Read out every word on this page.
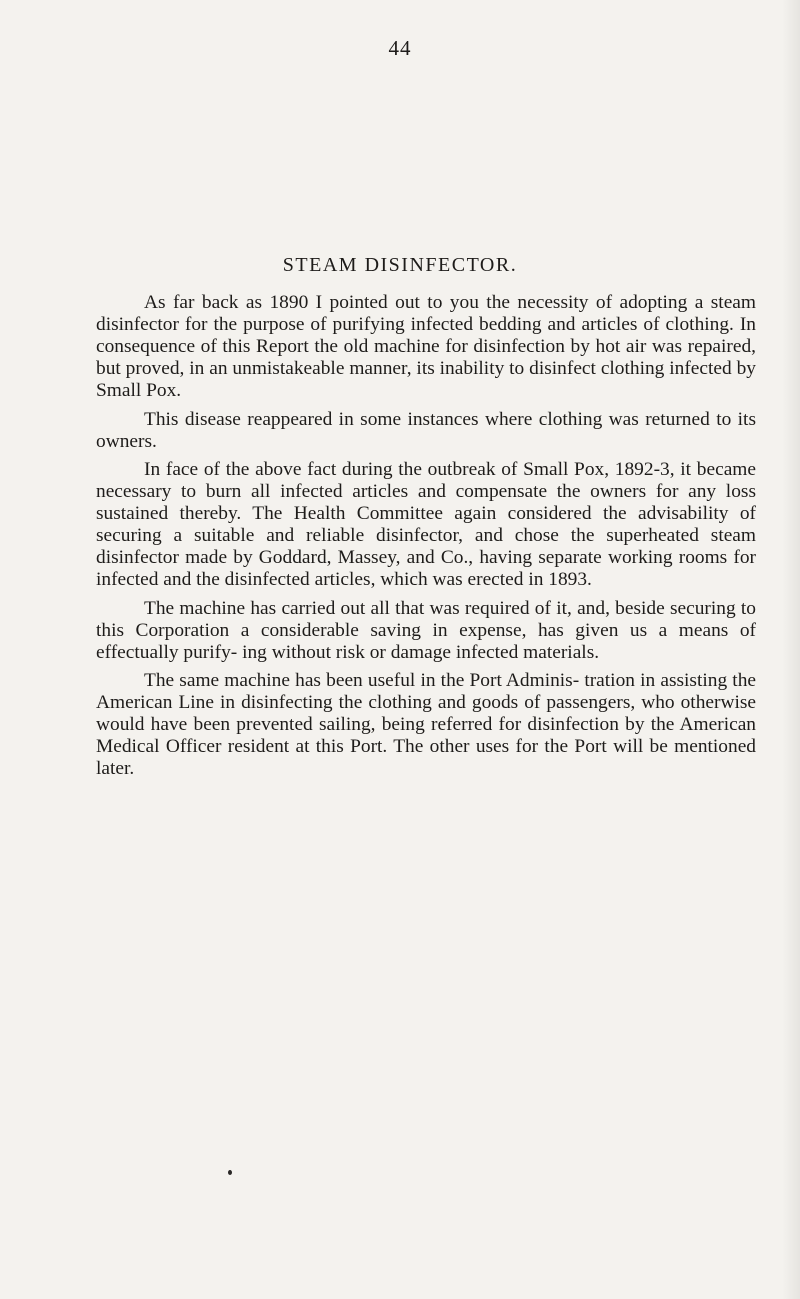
44
STEAM DISINFECTOR.

As far back as 1890 I pointed out to you the necessity of adopting a steam disinfector for the purpose of purifying infected bedding and articles of clothing. In consequence of this Report the old machine for disinfection by hot air was repaired, but proved, in an unmistakeable manner, its inability to disinfect clothing infected by Small Pox.

This disease reappeared in some instances where clothing was returned to its owners.

In face of the above fact during the outbreak of Small Pox, 1892-3, it became necessary to burn all infected articles and compensate the owners for any loss sustained thereby. The Health Committee again considered the advisability of securing a suitable and reliable disinfector, and chose the superheated steam disinfector made by Goddard, Massey, and Co., having separate working rooms for infected and the disinfected articles, which was erected in 1893.

The machine has carried out all that was required of it, and, beside securing to this Corporation a considerable saving in expense, has given us a means of effectually purify- ing without risk or damage infected materials.

The same machine has been useful in the Port Adminis- tration in assisting the American Line in disinfecting the clothing and goods of passengers, who otherwise would have been prevented sailing, being referred for disinfection by the American Medical Officer resident at this Port. The other uses for the Port will be mentioned later.
